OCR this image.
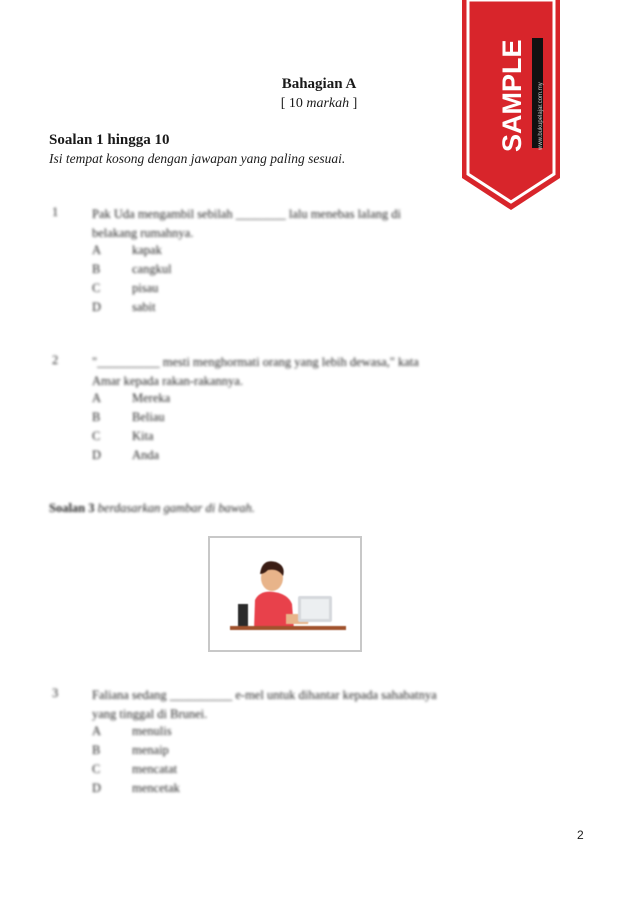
SAMPLE www.bukupelajar.com.my
Bahagian A
[ 10 markah ]
Soalan 1 hingga 10
Isi tempat kosong dengan jawapan yang paling sesuai.
1	Pak Uda mengambil sebilah ________ lalu menebas lalang di
belakang rumahnya.
A kapak
B	cangkul
C	pisau
D sabit
2	"__________ mesti menghormati orang yang lebih dewasa," kata
Amar kepada rakan-rakannya.
A Mereka
B	Beliau
C	Kita
D Anda
Soalan 3 berdasarkan gambar di bawah.
3	Faliana sedang __________ e-mel untuk dihantar kepada sahabatnya
yang tinggal di Brunei.
A menulis
B	menaip
C	mencatat
D mencetak
2
